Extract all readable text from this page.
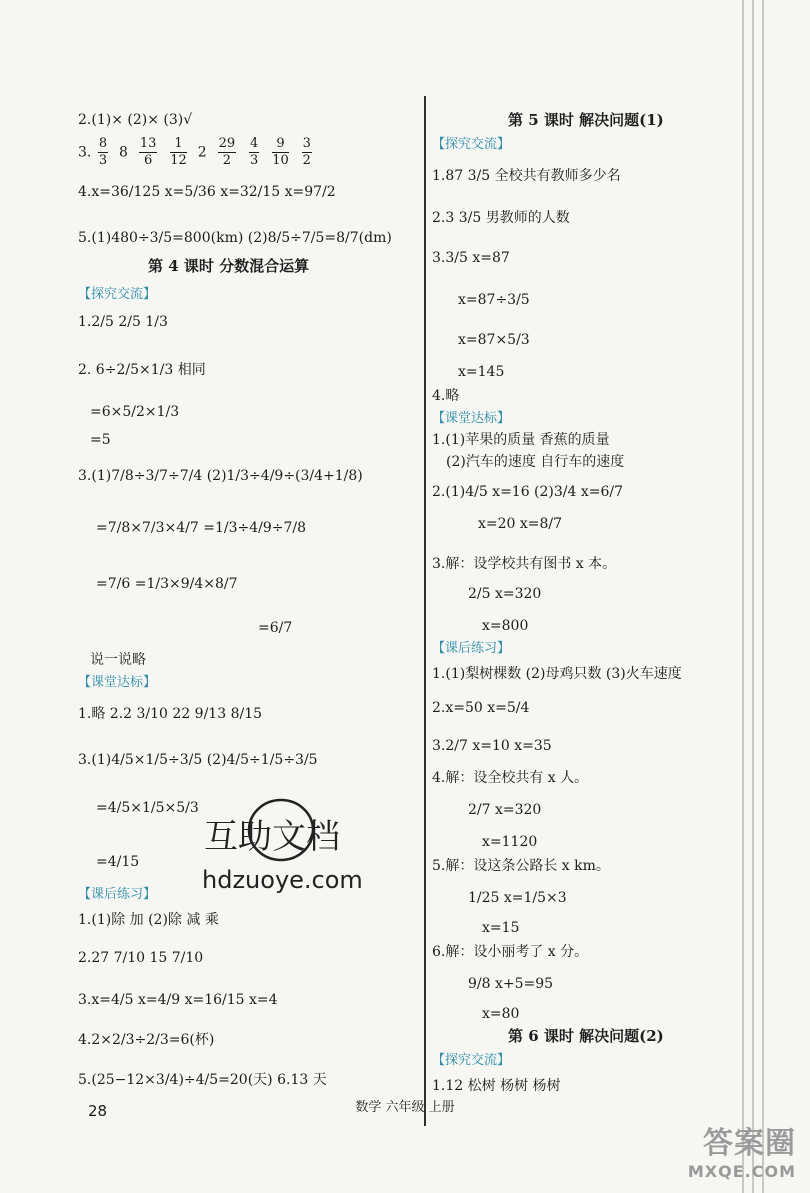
2.(1)× (2)× (3)√
3. $\frac{8}{3} 8 \frac{13}{6}$
$\frac{1}{12} 2 \frac{29}{2}$
$\frac{4}{3}$
$\frac{9}{10}$
$\frac{3}{2}$
4.x=36/125 x=5/36 x=32/15 x=97/2
5.(1)480÷3/5=800(km) (2)8/5÷7/5=8/7(dm)
第 4 课时 分数混合运算
【探究交流】
1.2/5 2/5 1/3
2. 6÷2/5×1/3 相同
=6×5/2×1/3
=5
3.(1)7/8÷3/7÷7/4 (2)1/3÷4/9÷(3/4+1/8)
=7/8×7/3×4/7 =1/3÷4/9÷7/8
=7/6 =1/3×9/4×8/7
=6/7
说一说略
【课堂达标】
1.略 2.2 3/10 22 9/13 8/15
3.(1)4/5×1/5÷3/5 (2)4/5÷1/5÷3/5
=4/5×1/5×5/3
=4/15
【课后练习】
1.(1)除 加 (2)除 减 乘
2.27 7/10 15 7/10
3.x=4/5 x=4/9 x=16/15 x=4
4.2×2/3÷2/3=6(杯)
5.(25−12×3/4)÷4/5=20(天) 6.13 天
第 5 课时 解决问题(1)
【探究交流】
1.87 3/5 全校共有教师多少名
2.3 3/5 男教师的人数
3.3/5 x=87
x=87÷3/5
x=87×5/3
x=145
4.略
【课堂达标】
1.(1)苹果的质量 香蕉的质量
(2)汽车的速度 自行车的速度
2.(1)4/5 x=16 (2)3/4 x=6/7
x=20 x=8/7
3.解：设学校共有图书 x 本。
2/5 x=320
x=800
【课后练习】
1.(1)梨树棵数 (2)母鸡只数 (3)火车速度
2.x=50 x=5/4
3.2/7 x=10 x=35
4.解：设全校共有 x 人。
2/7 x=320
x=1120
5.解：设这条公路长 x km。
1/25 x=1/5×3
x=15
6.解：设小丽考了 x 分。
9/8 x+5=95
x=80
第 6 课时 解决问题(2)
【探究交流】
1.12 松树 杨树 杨树
互助文档
hdzuoye.com
数学 六年级 上册
28
答案圈
MXQE.COM
